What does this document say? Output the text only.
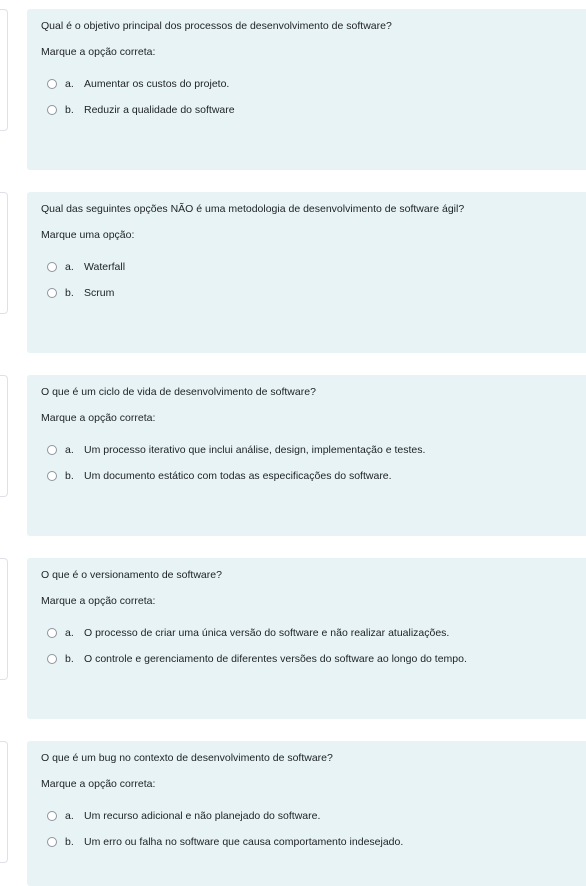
Qual é o objetivo principal dos processos de desenvolvimento de software?

Marque a opção correta:

a. Aumentar os custos do projeto.
b. Reduzir a qualidade do software

Qual das seguintes opções NÃO é uma metodologia de desenvolvimento de software ágil?

Marque uma opção:

a. Waterfall
b. Scrum

O que é um ciclo de vida de desenvolvimento de software?

Marque a opção correta:

a. Um processo iterativo que inclui análise, design, implementação e testes.
b. Um documento estático com todas as especificações do software.

O que é o versionamento de software?

Marque a opção correta:

a. O processo de criar uma única versão do software e não realizar atualizações.
b. O controle e gerenciamento de diferentes versões do software ao longo do tempo.

O que é um bug no contexto de desenvolvimento de software?

Marque a opção correta:

a. Um recurso adicional e não planejado do software.
b. Um erro ou falha no software que causa comportamento indesejado.
